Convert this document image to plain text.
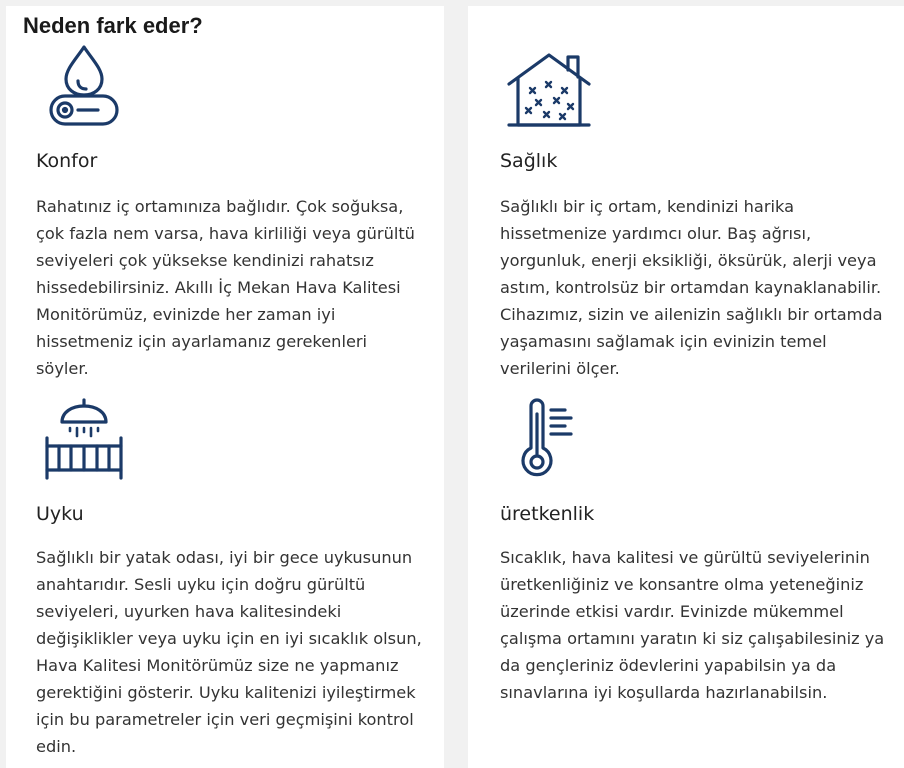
Neden fark eder?
Konfor

Rahatınız iç ortamınıza bağlıdır. Çok soğuksa, çok fazla nem varsa, hava kirliliği veya gürültü seviyeleri çok yüksekse kendinizi rahatsız hissedebilirsiniz. Akıllı İç Mekan Hava Kalitesi Monitörümüz, evinizde her zaman iyi hissetmeniz için ayarlamanız gerekenleri söyler.

Sağlık

Sağlıklı bir iç ortam, kendinizi harika hissetmenize yardımcı olur. Baş ağrısı, yorgunluk, enerji eksikliği, öksürük, alerji veya astım, kontrolsüz bir ortamdan kaynaklanabilir. Cihazımız, sizin ve ailenizin sağlıklı bir ortamda yaşamasını sağlamak için evinizin temel verilerini ölçer.

Uyku

Sağlıklı bir yatak odası, iyi bir gece uykusunun anahtarıdır. Sesli uyku için doğru gürültü seviyeleri, uyurken hava kalitesindeki değişiklikler veya uyku için en iyi sıcaklık olsun, Hava Kalitesi Monitörümüz size ne yapmanız gerektiğini gösterir. Uyku kalitenizi iyileştirmek için bu parametreler için veri geçmişini kontrol edin.

üretkenlik

Sıcaklık, hava kalitesi ve gürültü seviyelerinin üretkenliğiniz ve konsantre olma yeteneğiniz üzerinde etkisi vardır. Evinizde mükemmel çalışma ortamını yaratın ki siz çalışabilesiniz ya da gençleriniz ödevlerini yapabilsin ya da sınavlarına iyi koşullarda hazırlanabilsin.
